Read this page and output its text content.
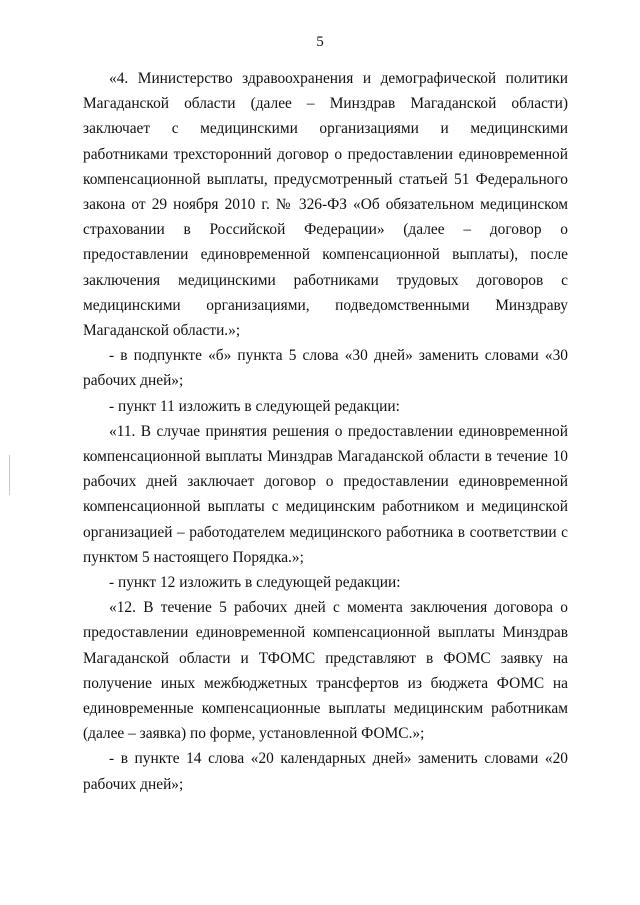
5

«4. Министерство здравоохранения и демографической политики Магаданской области (далее – Минздрав Магаданской области) заключает с медицинскими организациями и медицинскими работниками трехсторонний договор о предоставлении единовременной компенсационной выплаты, предусмотренный статьей 51 Федерального закона от 29 ноября 2010 г. № 326-ФЗ «Об обязательном медицинском страховании в Российской Федерации» (далее – договор о предоставлении единовременной компенсационной выплаты), после заключения медицинскими работниками трудовых договоров с медицинскими организациями, подведомственными Минздраву Магаданской области.»;

- в подпункте «б» пункта 5 слова «30 дней» заменить словами «30 рабочих дней»;

- пункт 11 изложить в следующей редакции:

«11. В случае принятия решения о предоставлении единовременной компенсационной выплаты Минздрав Магаданской области в течение 10 рабочих дней заключает договор о предоставлении единовременной компенсационной выплаты с медицинским работником и медицинской организацией – работодателем медицинского работника в соответствии с пунктом 5 настоящего Порядка.»;

- пункт 12 изложить в следующей редакции:

«12. В течение 5 рабочих дней с момента заключения договора о предоставлении единовременной компенсационной выплаты Минздрав Магаданской области и ТФОМС представляют в ФОМС заявку на получение иных межбюджетных трансфертов из бюджета ФОМС на единовременные компенсационные выплаты медицинским работникам (далее – заявка) по форме, установленной ФОМС.»;

- в пункте 14 слова «20 календарных дней» заменить словами «20 рабочих дней»;
